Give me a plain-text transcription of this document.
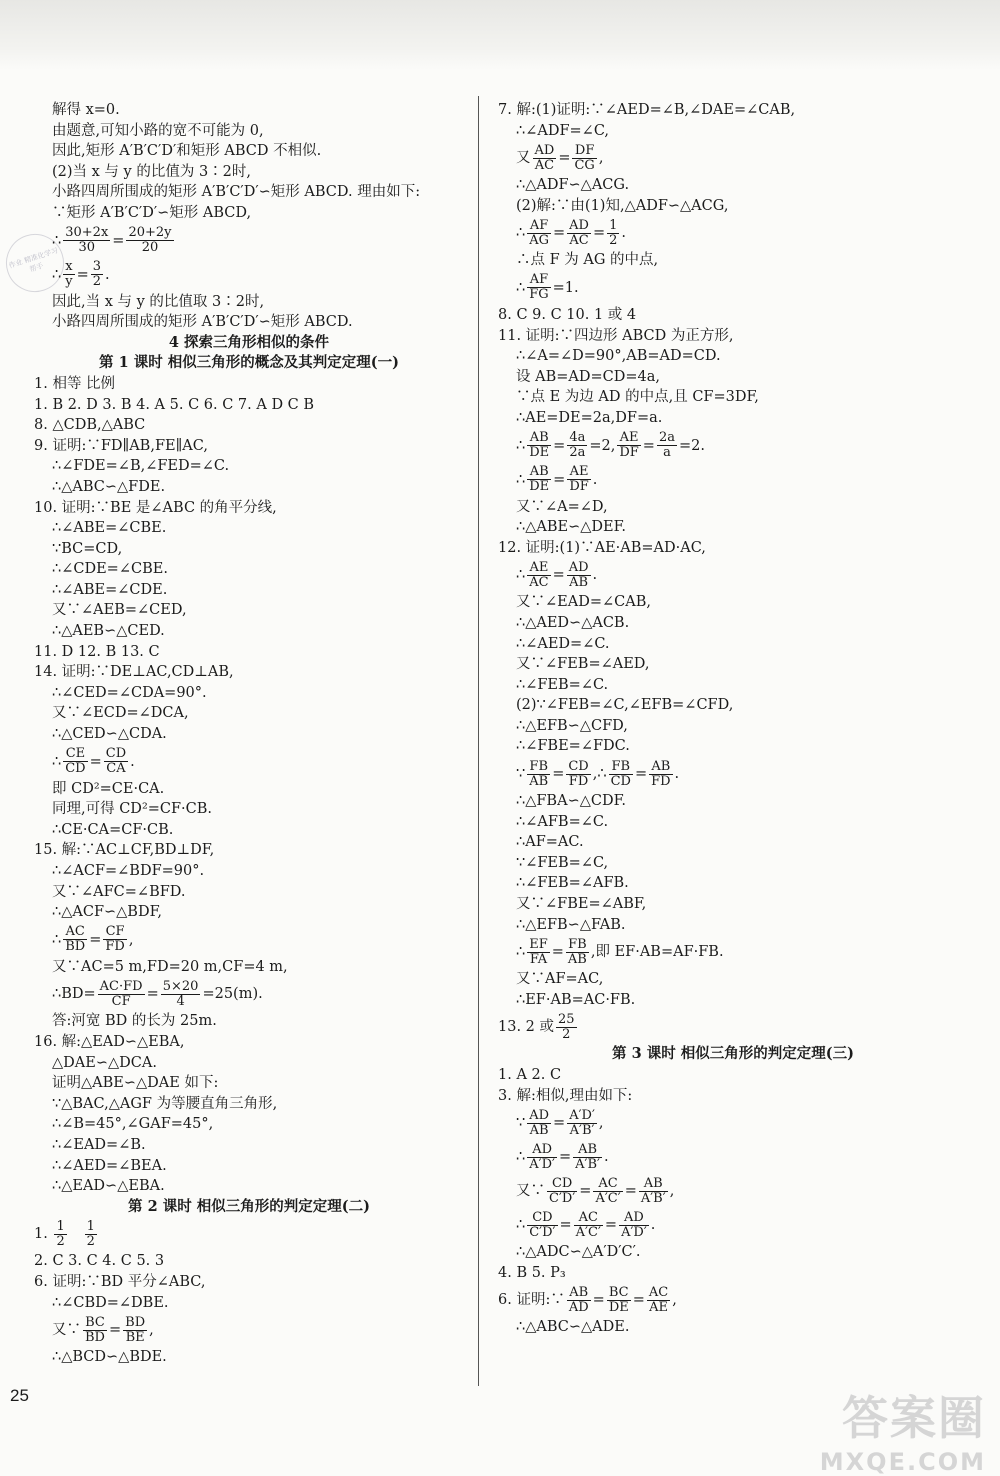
作业 精准化学习 帮手
解得 x=0.
由题意,可知小路的宽不可能为 0,
因此,矩形 A′B′C′D′和矩形 ABCD 不相似.
(2)当 x 与 y 的比值为 3∶2时,
小路四周所围成的矩形 A′B′C′D′∽矩形 ABCD. 理由如下:
∵矩形 A′B′C′D′∽矩形 ABCD,
∴ $\frac{30+2x}{30} = \frac{20+2y}{20}$
∴ $\frac{x}{y} = \frac{3}{2}$ .
因此,当 x 与 y 的比值取 3∶2时,
小路四周所围成的矩形 A′B′C′D′∽矩形 ABCD.
4 探索三角形相似的条件
第 1 课时 相似三角形的概念及其判定定理(一)
1. 相等 比例
1. B 2. D 3. B 4. A 5. C 6. C 7. A D C B
8. △CDB,△ABC
9. 证明:∵FD∥AB,FE∥AC,
∴∠FDE=∠B,∠FED=∠C.
∴△ABC∽△FDE.
10. 证明:∵BE 是∠ABC 的角平分线,
∴∠ABE=∠CBE.
∵BC=CD,
∴∠CDE=∠CBE.
∴∠ABE=∠CDE.
又∵∠AEB=∠CED,
∴△AEB∽△CED.
11. D 12. B 13. C
14. 证明:∵DE⊥AC,CD⊥AB,
∴∠CED=∠CDA=90°.
又∵∠ECD=∠DCA,
∴△CED∽△CDA.
∴ $\frac{CE}{CD} = \frac{CD}{CA}$ .
即 CD²=CE·CA.
同理,可得 CD²=CF·CB.
∴CE·CA=CF·CB.
15. 解:∵AC⊥CF,BD⊥DF,
∴∠ACF=∠BDF=90°.
又∵∠AFC=∠BFD.
∴△ACF∽△BDF,
∴ $\frac{AC}{BD} = \frac{CF}{FD}$ ,
又∵AC=5 m,FD=20 m,CF=4 m,
∴BD= $\frac{AC\cdot FD}{CF} = \frac{5\times 20}{4} =25(m)$.
答:河宽 BD 的长为 25m.
16. 解:△EAD∽△EBA,
△DAE∽△DCA.
证明△ABE∽△DAE 如下:
∵△BAC,△AGF 为等腰直角三角形,
∴∠B=45°,∠GAF=45°,
∴∠EAD=∠B.
∴∠AED=∠BEA.
∴△EAD∽△EBA.
第 2 课时 相似三角形的判定定理(二)
1. $\frac{1}{2}$
$\frac{1}{2}$
2. C 3. C 4. C 5. 3
6. 证明:∵BD 平分∠ABC,
∴∠CBD=∠DBE.
又∵ $\frac{BC}{BD} = \frac{BD}{BE}$ ,
∴△BCD∽△BDE.
7. 解:(1)证明:∵∠AED=∠B,∠DAE=∠CAB,
∴∠ADF=∠C,
又 $\frac{AD}{AC} = \frac{DF}{CG}$ ,
∴△ADF∽△ACG.
(2)解:∵由(1)知,△ADF∽△ACG,
∴ $\frac{AF}{AG} = \frac{AD}{AC} = \frac{1}{2}$ .
∴点 F 为 AG 的中点,
∴ $\frac{AF}{FG} =1$.
8. C 9. C 10. 1 或 4
11. 证明:∵四边形 ABCD 为正方形,
∴∠A=∠D=90°,AB=AD=CD.
设 AB=AD=CD=4a,
∵点 E 为边 AD 的中点,且 CF=3DF,
∴AE=DE=2a,DF=a.
∴ $\frac{AB}{DE} = \frac{4a}{2a} =2$, $\frac{AE}{DF} = \frac{2a}{a} =2$.
∴ $\frac{AB}{DE} = \frac{AE}{DF}$ .
又∵∠A=∠D,
∴△ABE∽△DEF.
12. 证明:(1)∵AE·AB=AD·AC,
∴ $\frac{AE}{AC} = \frac{AD}{AB}$ .
又∵∠EAD=∠CAB,
∴△AED∽△ACB.
∴∠AED=∠C.
又∵∠FEB=∠AED,
∴∠FEB=∠C.
(2)∵∠FEB=∠C,∠EFB=∠CFD,
∴△EFB∽△CFD,
∴∠FBE=∠FDC.
∵ $\frac{FB}{AB} = \frac{CD}{FD}$ ,∴ $\frac{FB}{CD} = \frac{AB}{FD}$ .
∴△FBA∽△CDF.
∴∠AFB=∠C.
∴AF=AC.
∵∠FEB=∠C,
∴∠FEB=∠AFB.
又∵∠FBE=∠ABF,
∴△EFB∽△FAB.
∴ $\frac{EF}{FA} = \frac{FB}{AB}$ ,即 EF·AB=AF·FB.
又∵AF=AC,
∴EF·AB=AC·FB.
13. 2 或 $\frac{25}{2}$
第 3 课时 相似三角形的判定定理(三)
1. A 2. C
3. 解:相似,理由如下:
∵ $\frac{AD}{AB} = \frac{A'D'}{A'B'}$ ,
∴ $\frac{AD}{A'D'} = \frac{AB}{A'B'}$ .
又∵ $\frac{CD}{C'D'} = \frac{AC}{A'C'} = \frac{AB}{A'B'}$ ,
∴ $\frac{CD}{C'D'} = \frac{AC}{A'C'} = \frac{AD}{A'D'}$ .
∴△ADC∽△A′D′C′.
4. B 5. P₃
6. 证明:∵ $\frac{AB}{AD} = \frac{BC}{DE} = \frac{AC}{AE}$ ,
∴△ABC∽△ADE.
25	答案圈
MXQE.COM
